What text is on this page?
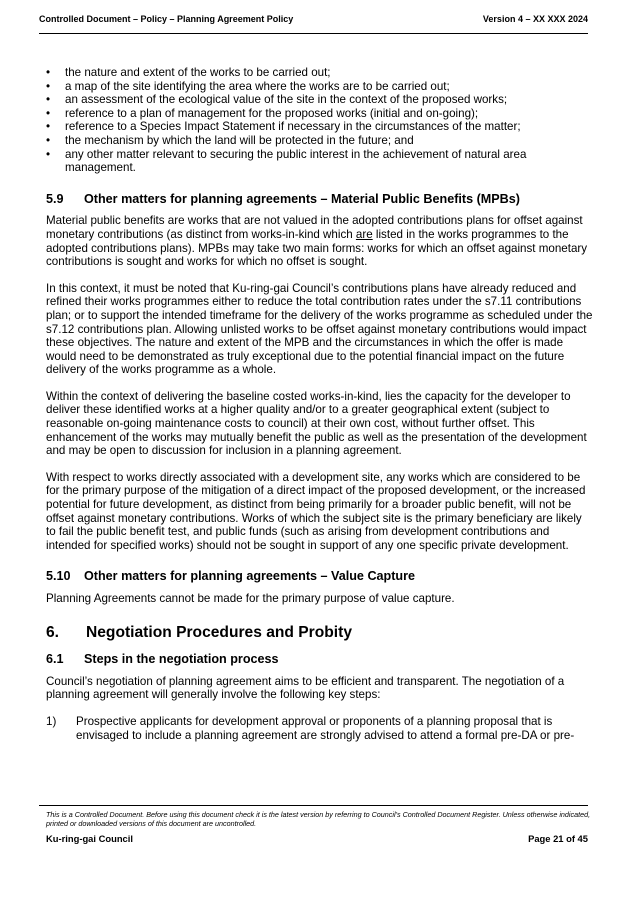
Controlled Document – Policy – Planning Agreement Policy	Version 4 – XX XXX 2024
• the nature and extent of the works to be carried out;
• a map of the site identifying the area where the works are to be carried out;
• an assessment of the ecological value of the site in the context of the proposed works;
• reference to a plan of management for the proposed works (initial and on-going);
• reference to a Species Impact Statement if necessary in the circumstances of the matter;
• the mechanism by which the land will be protected in the future; and
• any other matter relevant to securing the public interest in the achievement of natural area management.
5.9	Other matters for planning agreements – Material Public Benefits (MPBs)

Material public benefits are works that are not valued in the adopted contributions plans for offset against monetary contributions (as distinct from works-in-kind which are listed in the works programmes to the adopted contributions plans). MPBs may take two main forms: works for which an offset against monetary contributions is sought and works for which no offset is sought.

In this context, it must be noted that Ku-ring-gai Council’s contributions plans have already reduced and refined their works programmes either to reduce the total contribution rates under the s7.11 contributions plan; or to support the intended timeframe for the delivery of the works programme as scheduled under the s7.12 contributions plan. Allowing unlisted works to be offset against monetary contributions would impact these objectives. The nature and extent of the MPB and the circumstances in which the offer is made would need to be demonstrated as truly exceptional due to the potential financial impact on the future delivery of the works programme as a whole.

Within the context of delivering the baseline costed works-in-kind, lies the capacity for the developer to deliver these identified works at a higher quality and/or to a greater geographical extent (subject to reasonable on-going maintenance costs to council) at their own cost, without further offset. This enhancement of the works may mutually benefit the public as well as the presentation of the development and may be open to discussion for inclusion in a planning agreement.

With respect to works directly associated with a development site, any works which are considered to be for the primary purpose of the mitigation of a direct impact of the proposed development, or the increased potential for future development, as distinct from being primarily for a broader public benefit, will not be offset against monetary contributions. Works of which the subject site is the primary beneficiary are likely to fail the public benefit test, and public funds (such as arising from development contributions and intended for specified works) should not be sought in support of any one specific private development.

5.10	Other matters for planning agreements – Value Capture

Planning Agreements cannot be made for the primary purpose of value capture.

6.	Negotiation Procedures and Probity
6.1	Steps in the negotiation process

Council’s negotiation of planning agreement aims to be efficient and transparent. The negotiation of a planning agreement will generally involve the following key steps:

1)	Prospective applicants for development approval or proponents of a planning proposal that is envisaged to include a planning agreement are strongly advised to attend a formal pre-DA or pre-
This is a Controlled Document. Before using this document check it is the latest version by referring to Council’s Controlled Document Register. Unless otherwise indicated, printed or downloaded versions of this document are uncontrolled.
Ku-ring-gai Council	Page 21 of 45
